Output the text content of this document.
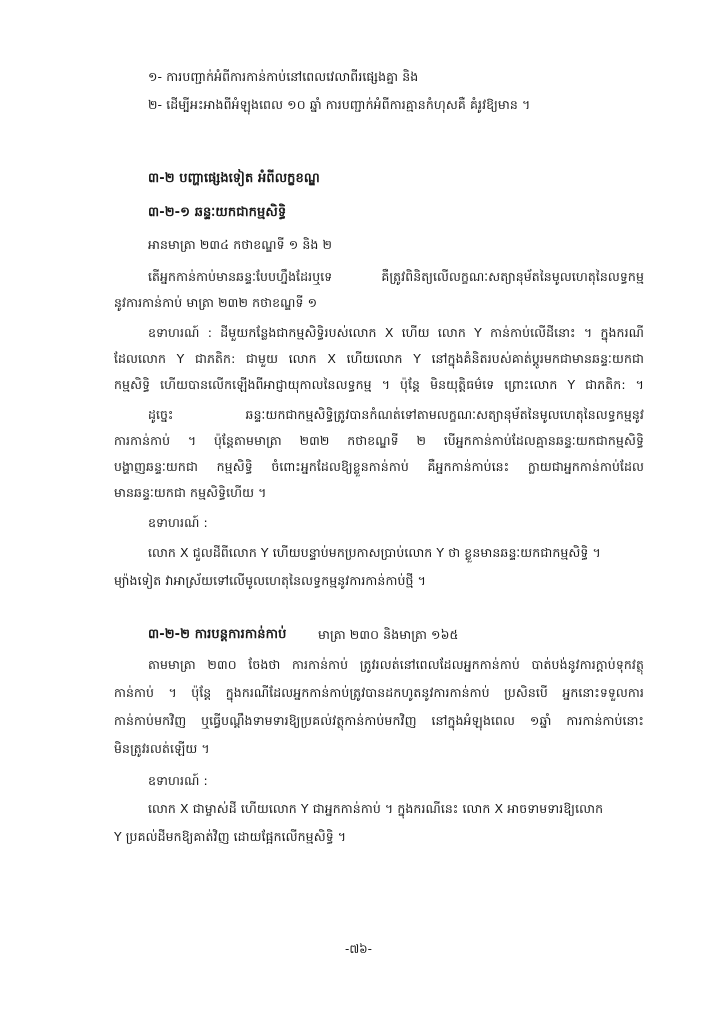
១- ការបញ្ជាក់អំពីការកាន់កាប់នៅពេលវេលាពីរផ្សេងគ្នា និង
២- ដើម្បីអះអាងពីអំឡុងពេល ១០ ឆ្នាំ ការបញ្ជាក់អំពីការគ្មានកំហុសគឺ គំរូវឱ្យមាន ។
៣-២ បញ្ហាផ្សេងទៀត អំពីលក្ខខណ្ឌ
៣-២-១ ឆន្ទៈយកជាកម្មសិទ្ធិ
អានមាត្រា ២៣៤ កថាខណ្ឌទី ១ និង ២
តើអ្នកកាន់កាប់មានឆន្ទៈបែបហ្នឹងដែរឬទេ គឺត្រូវពិនិត្យលើលក្ខណៈសត្យានុម័តនៃមូលហេតុនៃលទ្ធកម្ម
នូវការកាន់កាប់ មាត្រា ២៣២ កថាខណ្ឌទី ១
ឧទាហរណ៍ : ដីមួយកន្លែងជាកម្មសិទ្ធិរបស់លោក X ហើយ លោក Y កាន់កាប់លើដីនោះ ។ ក្នុងករណី
ដែលលោក Y ជាភតិក: ជាមួយ លោក X ហើយលោក Y នៅក្នុងគំនិតរបស់គាត់ប្ដូរមកជាមានឆន្ទៈយកជា
កម្មសិទ្ធិ ហើយបានលើកឡើងពីអាជ្ញាយុកាលនៃលទ្ធកម្ម ។ ប៉ុន្ដែ មិនយុត្តិធម៌ទេ ព្រោះលោក Y ជាភតិក: ។
ដូច្នេះ ឆន្ទៈយកជាកម្មសិទ្ធិត្រូវបានកំណត់ទៅតាមលក្ខណៈសត្យានុម័តនៃមូលហេតុនៃលទ្ធកម្មនូវ
ការកាន់កាប់ ។ ប៉ុន្តែតាមមាត្រា ២៣២ កថាខណ្ឌទី ២ បើអ្នកកាន់កាប់ដែលគ្មានឆន្ទៈយកជាកម្មសិទ្ធិ
បង្ហាញឆន្ទៈយកជា កម្មសិទ្ធិ ចំពោះអ្នកដែលឱ្យខ្លួនកាន់កាប់ គឺអ្នកកាន់កាប់នេះ ក្លាយជាអ្នកកាន់កាប់ដែល
មានឆន្ទៈយកជា កម្មសិទ្ធិហើយ ។
ឧទាហរណ៍ :
លោក X ជួលដីពីលោក Y ហើយបន្ទាប់មកប្រកាសប្រាប់លោក Y ថា ខ្លួនមានឆន្ទៈយកជាកម្មសិទ្ធិ ។
ម្យ៉ាងទៀត វាអាស្រ័យទៅលើមូលហេតុនៃលទ្ធកម្មនូវការកាន់កាប់ថ្មី ។
៣-២-២ ការបន្តការកាន់កាប់	មាត្រា ២៣០ និងមាត្រា ១៦៥
តាមមាត្រា ២៣០ ចែងថា ការកាន់កាប់ ត្រូវរលត់នៅពេលដែលអ្នកកាន់កាប់ បាត់បង់នូវការក្ដាប់ទុកវត្ថុ
កាន់កាប់ ។ ប៉ុន្តែ ក្នុងករណីដែលអ្នកកាន់កាប់ត្រូវបានដកហូតនូវការកាន់កាប់ ប្រសិនបើ អ្នកនោះទទួលការ
កាន់កាប់មកវិញ ឬធ្វើបណ្ដឹងទាមទារឱ្យប្រគល់វត្ថុកាន់កាប់មកវិញ នៅក្នុងអំឡុងពេល ១ឆ្នាំ ការកាន់កាប់នោះ
មិនត្រូវរលត់ឡើយ ។
ឧទាហរណ៍ :
លោក X ជាម្ចាស់ដី ហើយលោក Y ជាអ្នកកាន់កាប់ ។ ក្នុងករណីនេះ លោក X អាចទាមទារឱ្យលោក
Y ប្រគល់ដីមកឱ្យគាត់វិញ ដោយផ្អែកលើកម្មសិទ្ធិ ។
-៧៦-
